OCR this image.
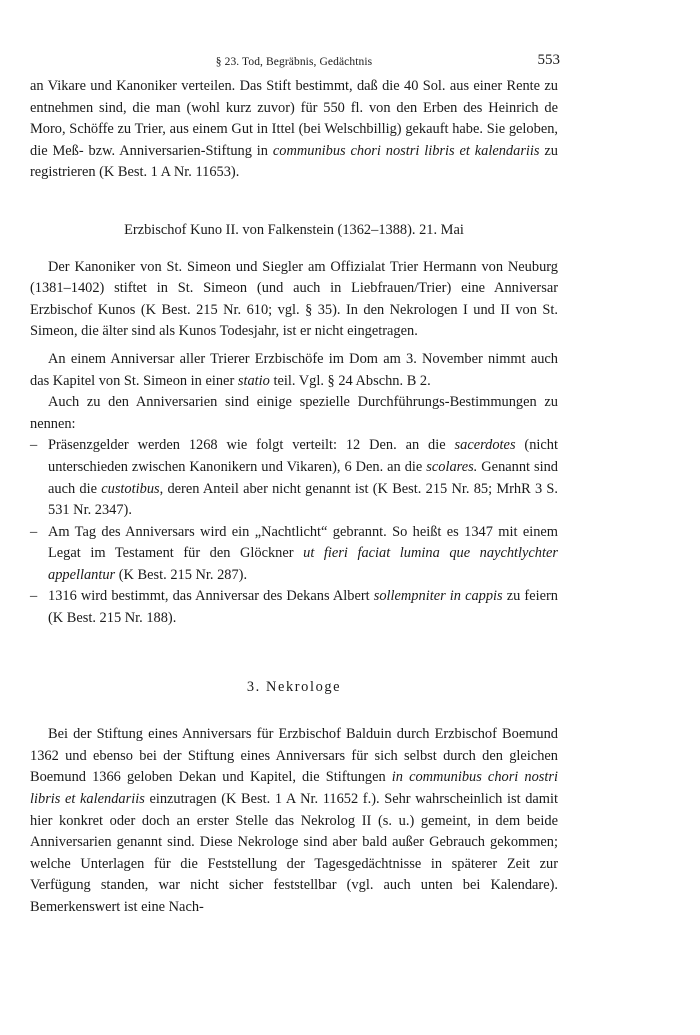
§ 23. Tod, Begräbnis, Gedächtnis	553

an Vikare und Kanoniker verteilen. Das Stift bestimmt, daß die 40 Sol. aus einer Rente zu entnehmen sind, die man (wohl kurz zuvor) für 550 fl. von den Erben des Heinrich de Moro, Schöffe zu Trier, aus einem Gut in Ittel (bei Welschbillig) gekauft habe. Sie geloben, die Meß- bzw. Anniversarien-Stiftung in communibus chori nostri libris et kalendariis zu registrieren (K Best. 1 A Nr. 11653).

Erzbischof Kuno II. von Falkenstein (1362–1388). 21. Mai

Der Kanoniker von St. Simeon und Siegler am Offizialat Trier Hermann von Neuburg (1381–1402) stiftet in St. Simeon (und auch in Liebfrauen/Trier) eine Anniversar Erzbischof Kunos (K Best. 215 Nr. 610; vgl. § 35). In den Nekrologen I und II von St. Simeon, die älter sind als Kunos Todesjahr, ist er nicht eingetragen.

An einem Anniversar aller Trierer Erzbischöfe im Dom am 3. November nimmt auch das Kapitel von St. Simeon in einer statio teil. Vgl. § 24 Abschn. B 2.

Auch zu den Anniversarien sind einige spezielle Durchführungs-Bestimmungen zu nennen:

– Präsenzgelder werden 1268 wie folgt verteilt: 12 Den. an die sacerdotes (nicht unterschieden zwischen Kanonikern und Vikaren), 6 Den. an die scolares. Genannt sind auch die custotibus, deren Anteil aber nicht genannt ist (K Best. 215 Nr. 85; MrhR 3 S. 531 Nr. 2347).
– Am Tag des Anniversars wird ein „Nachtlicht“ gebrannt. So heißt es 1347 mit einem Legat im Testament für den Glöckner ut fieri faciat lumina que naychtlychter appellantur (K Best. 215 Nr. 287).
– 1316 wird bestimmt, das Anniversar des Dekans Albert sollempniter in cappis zu feiern (K Best. 215 Nr. 188).
3. Nekrologe

Bei der Stiftung eines Anniversars für Erzbischof Balduin durch Erzbischof Boemund 1362 und ebenso bei der Stiftung eines Anniversars für sich selbst durch den gleichen Boemund 1366 geloben Dekan und Kapitel, die Stiftungen in communibus chori nostri libris et kalendariis einzutragen (K Best. 1 A Nr. 11652 f.). Sehr wahrscheinlich ist damit hier konkret oder doch an erster Stelle das Nekrolog II (s. u.) gemeint, in dem beide Anniversarien genannt sind. Diese Nekrologe sind aber bald außer Gebrauch gekommen; welche Unterlagen für die Feststellung der Tagesgedächtnisse in späterer Zeit zur Verfügung standen, war nicht sicher feststellbar (vgl. auch unten bei Kalendare). Bemerkenswert ist eine Nach-
